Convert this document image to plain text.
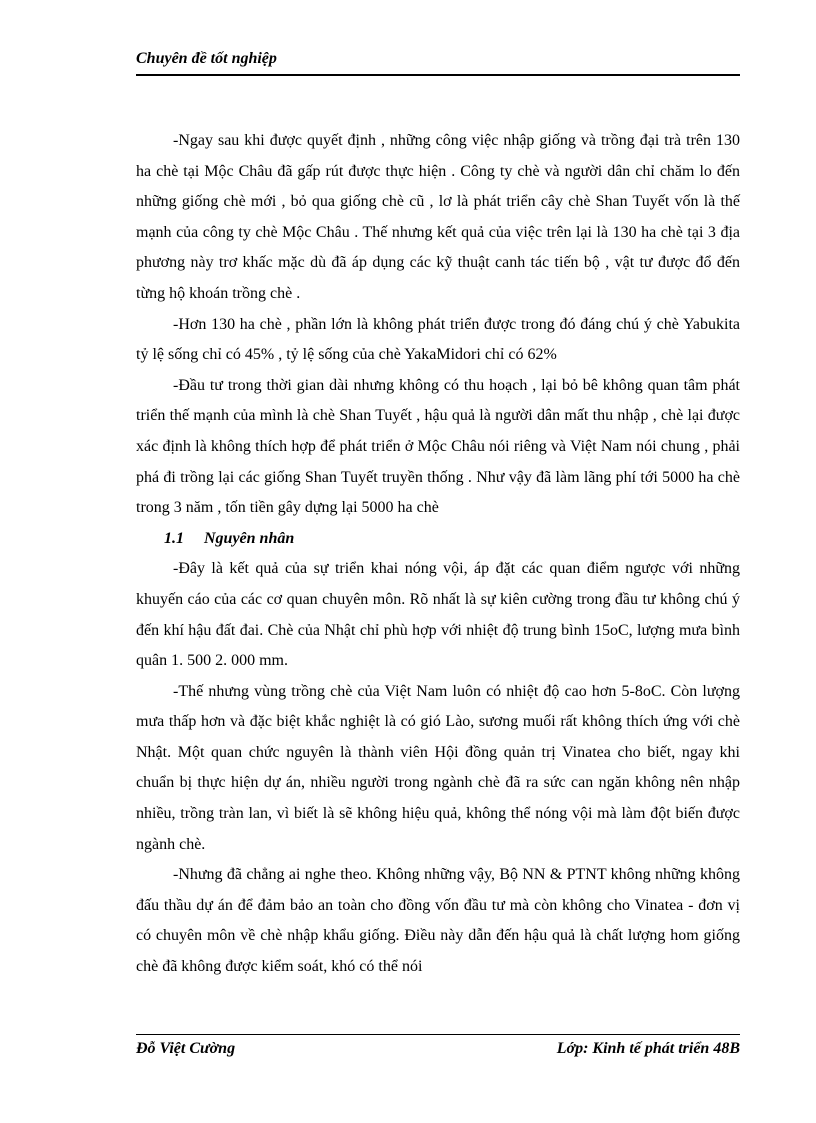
Chuyên đề tốt nghiệp

-Ngay sau khi được quyết định , những công việc nhập giống và trồng đại trà trên 130 ha chè tại Mộc Châu đã gấp rút được thực hiện . Công ty chè và người dân chỉ chăm lo đến những giống chè mới , bỏ qua giống chè cũ , lơ là phát triển cây chè Shan Tuyết vốn là thế mạnh của công ty chè Mộc Châu . Thế nhưng kết quả của việc trên lại là 130 ha chè tại 3 địa phương này trơ khấc mặc dù đã áp dụng các kỹ thuật canh tác tiến bộ , vật tư được đổ đến từng hộ khoán trồng chè .

-Hơn 130 ha chè , phần lớn là không phát triển được trong đó đáng chú ý chè Yabukita tỷ lệ sống chỉ có 45% , tỷ lệ sống của chè YakaMidori chỉ có 62%

-Đầu tư trong thời gian dài nhưng không có thu hoạch , lại bỏ bê không quan tâm phát triển thế mạnh của mình là chè Shan Tuyết , hậu quả là người dân mất thu nhập , chè lại được xác định là không thích hợp để phát triển ở Mộc Châu nói riêng và Việt Nam nói chung , phải phá đi trồng lại các giống Shan Tuyết truyền thống . Như vậy đã làm lãng phí tới 5000 ha chè trong 3 năm , tốn tiền gây dựng lại 5000 ha chè

1.1 Nguyên nhân

-Đây là kết quả của sự triển khai nóng vội, áp đặt các quan điểm ngược với những khuyến cáo của các cơ quan chuyên môn. Rõ nhất là sự kiên cường trong đầu tư không chú ý đến khí hậu đất đai. Chè của Nhật chỉ phù hợp với nhiệt độ trung bình 15oC, lượng mưa bình quân 1. 500 2. 000 mm.

-Thế nhưng vùng trồng chè của Việt Nam luôn có nhiệt độ cao hơn 5-8oC. Còn lượng mưa thấp hơn và đặc biệt khắc nghiệt là có gió Lào, sương muối rất không thích ứng với chè Nhật. Một quan chức nguyên là thành viên Hội đồng quản trị Vinatea cho biết, ngay khi chuẩn bị thực hiện dự án, nhiều người trong ngành chè đã ra sức can ngăn không nên nhập nhiều, trồng tràn lan, vì biết là sẽ không hiệu quả, không thể nóng vội mà làm đột biến được ngành chè.

-Nhưng đã chẳng ai nghe theo. Không những vậy, Bộ NN & PTNT không những không đấu thầu dự án để đảm bảo an toàn cho đồng vốn đầu tư mà còn không cho Vinatea - đơn vị có chuyên môn về chè nhập khẩu giống. Điều này dẫn đến hậu quả là chất lượng hom giống chè đã không được kiểm soát, khó có thể nói

Đỗ Việt Cường	Lớp: Kinh tế phát triển 48B
